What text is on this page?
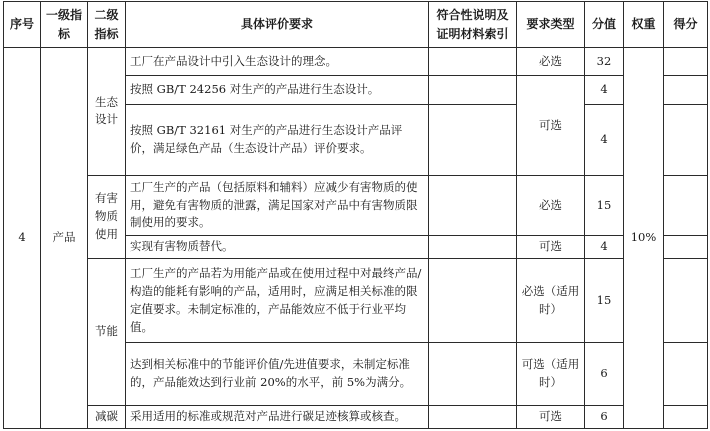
序号	一级指标	二级指标	具体评价要求	符合性说明及证明材料索引	要求类型	分值	权重	得分
4	产品	生态设计	工厂在产品设计中引入生态设计的理念。		必选	32	10%	
			按照 GB/T 24256 对生产的产品进行生态设计。		可选	4		
			按照 GB/T 32161 对生产的产品进行生态设计产品评价，满足绿色产品（生态设计产品）评价要求。			4		
		有害物质使用	工厂生产的产品（包括原料和辅料）应减少有害物质的使用，避免有害物质的泄露，满足国家对产品中有害物质限制使用的要求。		必选	15		
			实现有害物质替代。		可选	4		
		节能	工厂生产的产品若为用能产品或在使用过程中对最终产品/构造的能耗有影响的产品，适用时，应满足相关标准的限定值要求。未制定标准的，产品能效应不低于行业平均值。		必选（适用时）	15		
			达到相关标准中的节能评价值/先进值要求，未制定标准的，产品能效达到行业前 20%的水平，前 5%为满分。		可选（适用时）	6		
		减碳	采用适用的标准或规范对产品进行碳足迹核算或核查。		可选	6		
